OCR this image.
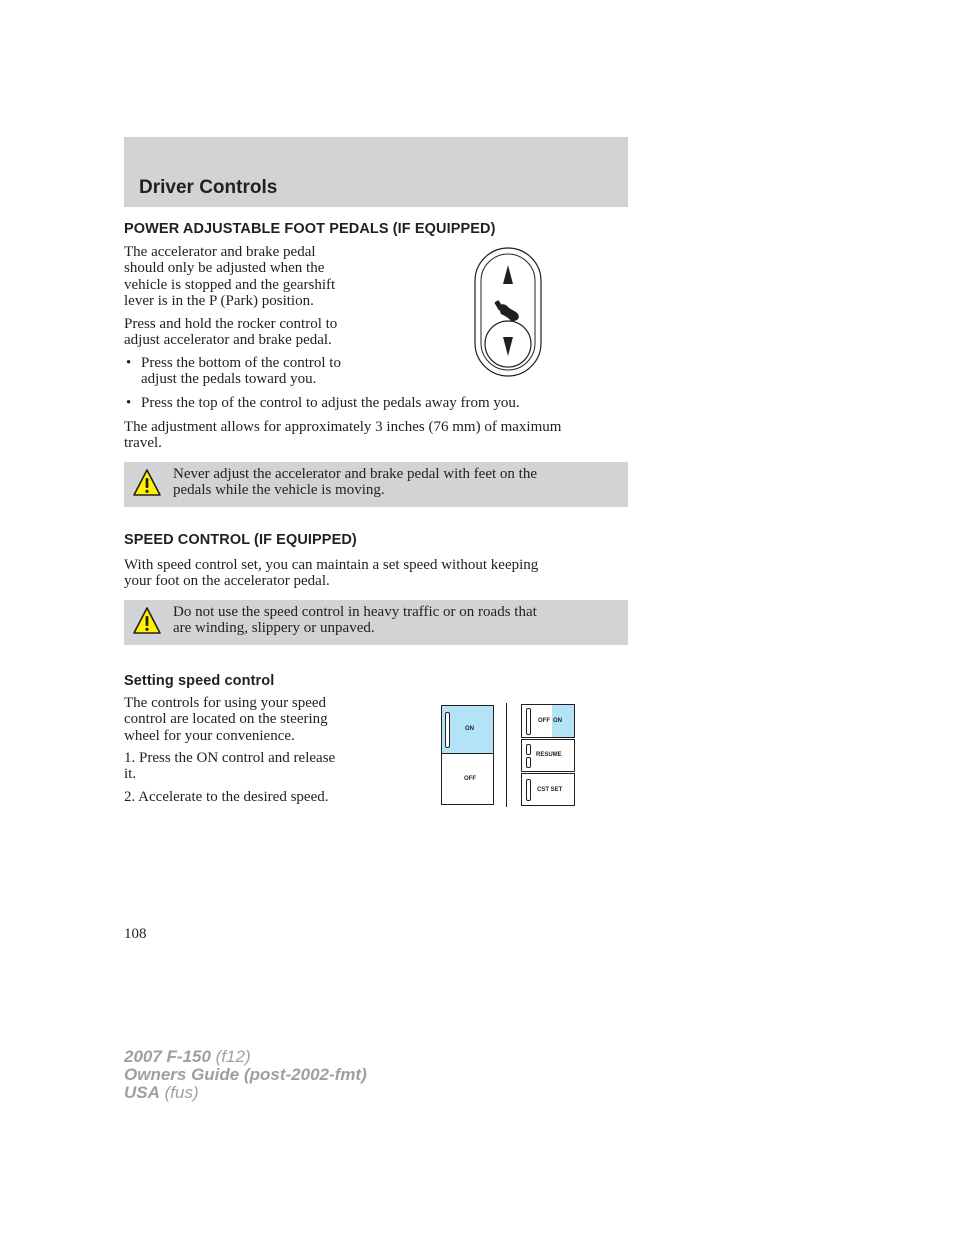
Driver Controls
POWER ADJUSTABLE FOOT PEDALS (IF EQUIPPED)

The accelerator and brake pedal

should only be adjusted when the

vehicle is stopped and the gearshift

lever is in the P (Park) position.

Press and hold the rocker control to

adjust accelerator and brake pedal.

• Press the bottom of the control to
adjust the pedals toward you.
• Press the top of the control to adjust the pedals away from you.

The adjustment allows for approximately 3 inches (76 mm) of maximum

travel.

Never adjust the accelerator and brake pedal with feet on the
pedals while the vehicle is moving.
SPEED CONTROL (IF EQUIPPED)

With speed control set, you can maintain a set speed without keeping

your foot on the accelerator pedal.

Do not use the speed control in heavy traffic or on roads that
are winding, slippery or unpaved.
Setting speed control

The controls for using your speed

control are located on the steering

wheel for your convenience.

1. Press the ON control and release

it.

2. Accelerate to the desired speed.

ON
OFF
OFF ON
RESUME
CST SET
108
2007 F-150 (f12)
Owners Guide (post-2002-fmt)
USA (fus)
